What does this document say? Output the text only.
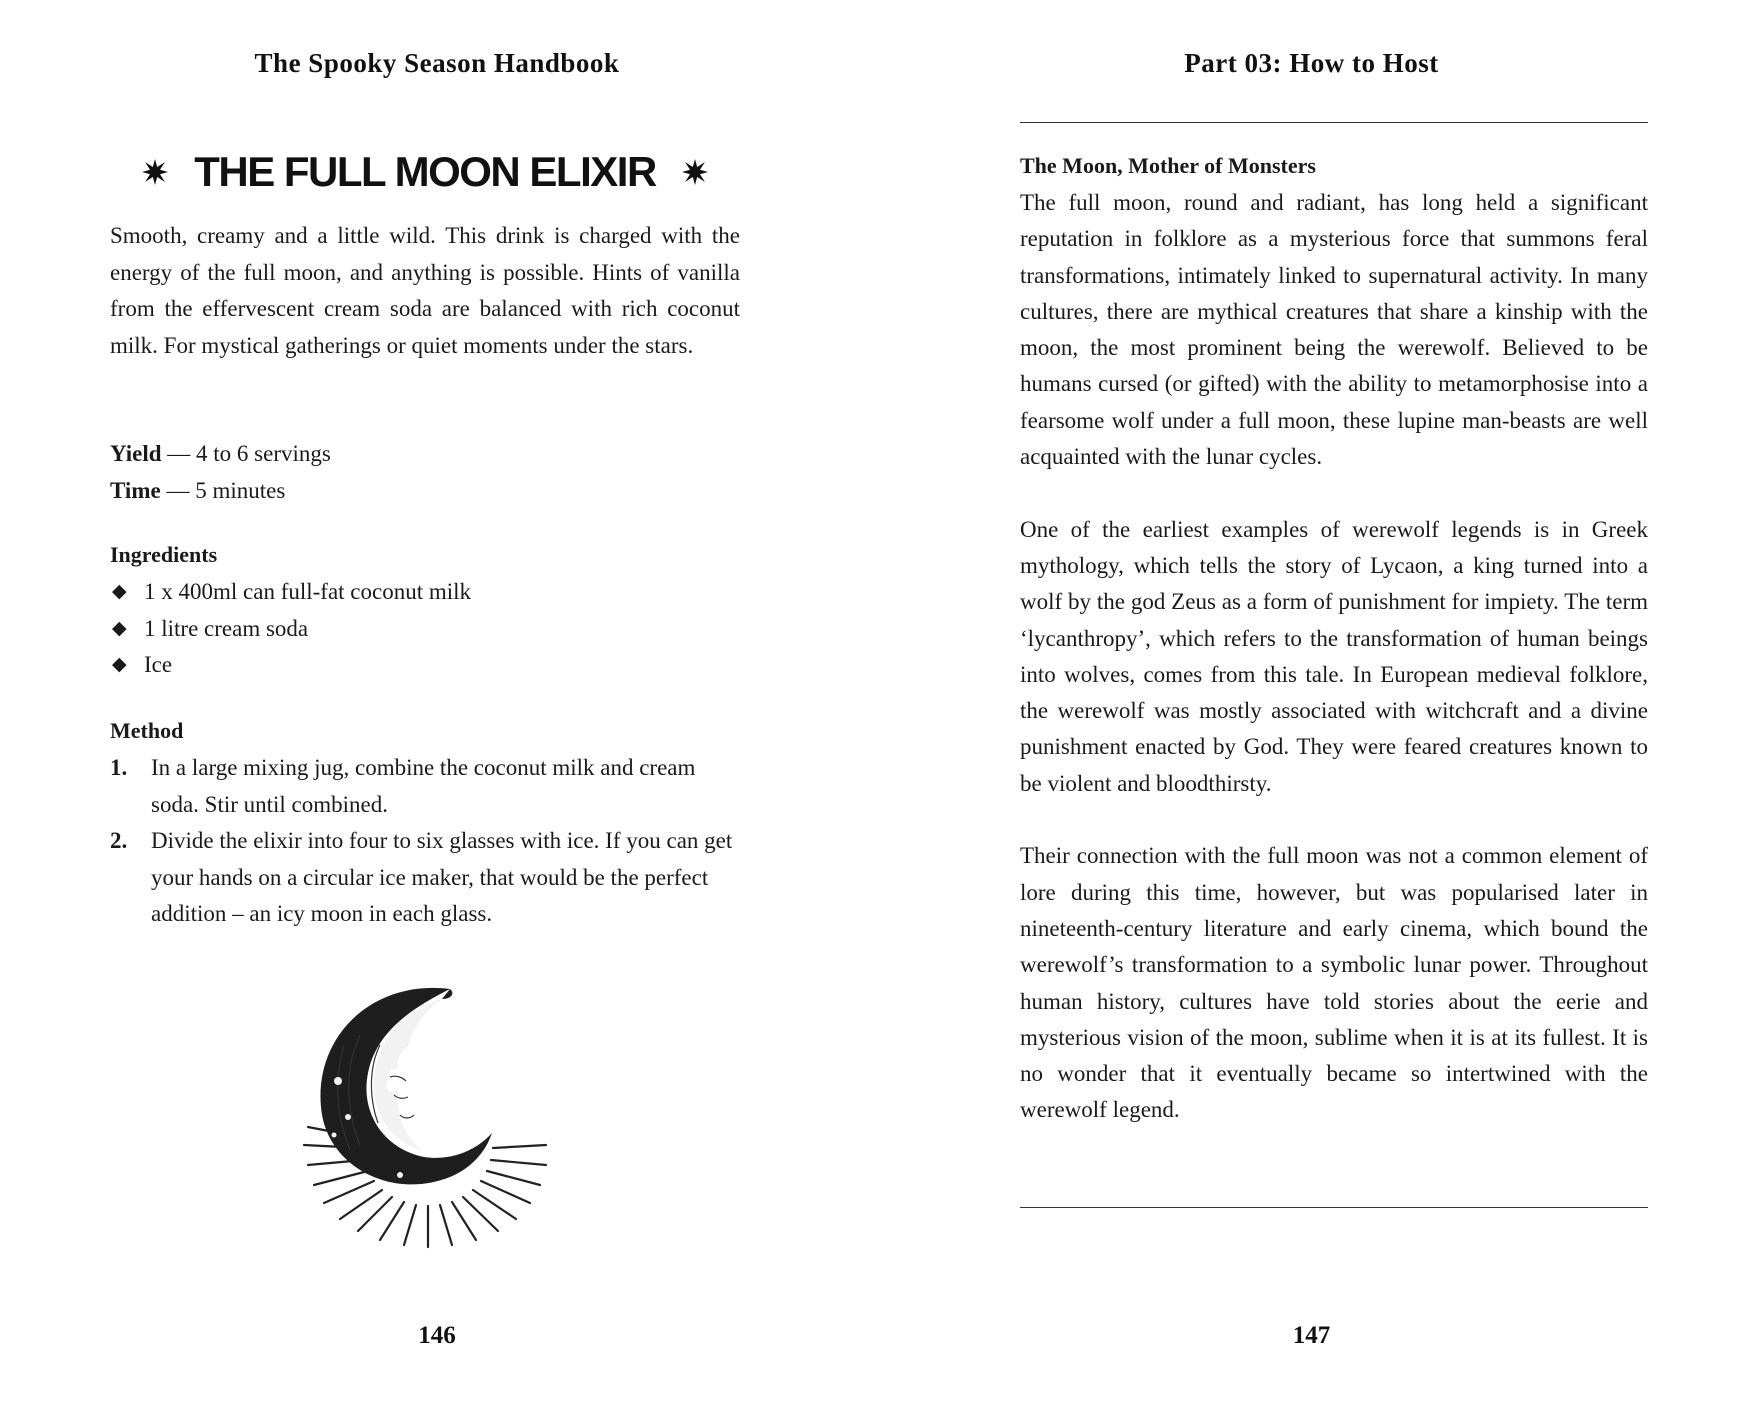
The Spooky Season Handbook
THE FULL MOON ELIXIR
Smooth, creamy and a little wild. This drink is charged with the energy of the full moon, and anything is possible. Hints of vanilla from the effervescent cream soda are balanced with rich coconut milk. For mystical gatherings or quiet moments under the stars.
Yield — 4 to 6 servings
Time — 5 minutes
Ingredients
◆ 1 x 400ml can full-fat coconut milk
◆ 1 litre cream soda
◆ Ice
Method
1. In a large mixing jug, combine the coconut milk and cream soda. Stir until combined.
2. Divide the elixir into four to six glasses with ice. If you can get your hands on a circular ice maker, that would be the perfect addition – an icy moon in each glass.
146
Part 03: How to Host
The Moon, Mother of Monsters

The full moon, round and radiant, has long held a significant reputation in folklore as a mysterious force that summons feral transformations, intimately linked to supernatural activity. In many cultures, there are mythical creatures that share a kinship with the moon, the most prominent being the werewolf. Believed to be humans cursed (or gifted) with the ability to metamorphosise into a fearsome wolf under a full moon, these lupine man-beasts are well acquainted with the lunar cycles.

One of the earliest examples of werewolf legends is in Greek mythology, which tells the story of Lycaon, a king turned into a wolf by the god Zeus as a form of punishment for impiety. The term ‘lycanthropy’, which refers to the transformation of human beings into wolves, comes from this tale. In European medieval folklore, the werewolf was mostly associated with witchcraft and a divine punishment enacted by God. They were feared creatures known to be violent and bloodthirsty.

Their connection with the full moon was not a common element of lore during this time, however, but was popularised later in nineteenth-century literature and early cinema, which bound the werewolf’s transformation to a symbolic lunar power. Throughout human history, cultures have told stories about the eerie and mysterious vision of the moon, sublime when it is at its fullest. It is no wonder that it eventually became so intertwined with the werewolf legend.

147
